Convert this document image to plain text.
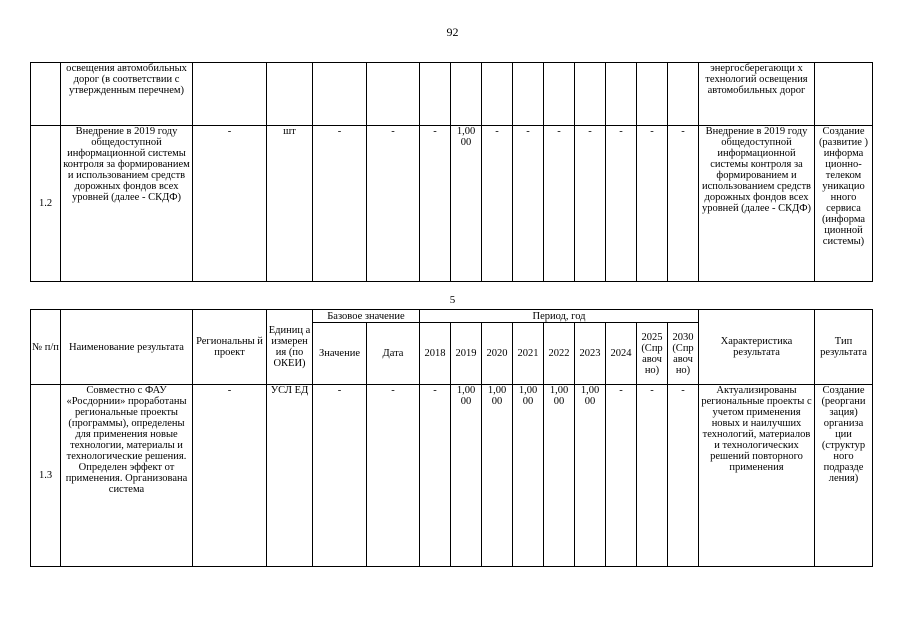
92
	освещения автомобильных дорог (в соответствии с утвержденным перечнем)														энергосберегающи х технологий освещения автомобильных дорог	
1.2	Внедрение в 2019 году общедоступной информационной системы контроля за формированием и использованием средств дорожных фондов всех уровней (далее - СКДФ)	-	шт	-	-	-	1,00 00	-	-	-	-	-	-	-	Внедрение в 2019 году общедоступной информационной системы контроля за формированием и использованием средств дорожных фондов всех уровней (далее - СКДФ)	Создание (развитие ) информа ционно- телеком уникацио нного сервиса (информа ционной системы)
5
№ п/п	Наименование результата	Региональны й проект	Единиц а измерен ия (по ОКЕИ)	Базовое значение		Период, год									Характеристика результата	Тип результата
				Значение	Дата	2018	2019	2020	2021	2022	2023	2024	2025 (Спр авоч но)	2030 (Спр авоч но)		
1.3	Совместно с ФАУ «Росдорнии» проработаны региональные проекты (программы), определены для применения новые технологии, материалы и технологические решения. Определен эффект от применения. Организована система	-	УСЛ ЕД	-	-	-	1,00 00	1,00 00	1,00 00	1,00 00	1,00 00	-	-	-	Актуализированы региональные проекты с учетом применения новых и наилучших технологий, материалов и технологических решений повторного применения	Создание (реоргани зация) организа ции (структур ного подразде ления)
